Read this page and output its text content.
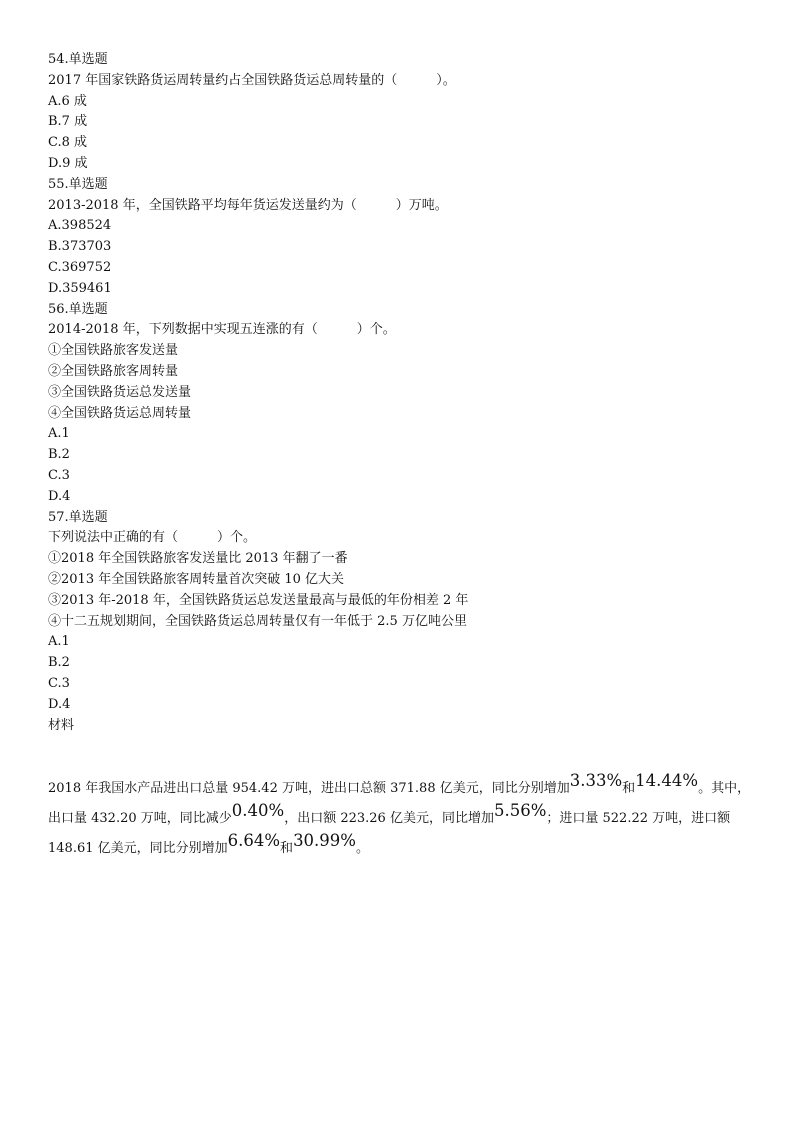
54.单选题
2017 年国家铁路货运周转量约占全国铁路货运总周转量的（　　　）。
A.6 成
B.7 成
C.8 成
D.9 成
55.单选题
2013-2018 年，全国铁路平均每年货运发送量约为（　　　）万吨。
A.398524
B.373703
C.369752
D.359461
56.单选题
2014-2018 年，下列数据中实现五连涨的有（　　　）个。
①全国铁路旅客发送量
②全国铁路旅客周转量
③全国铁路货运总发送量
④全国铁路货运总周转量
A.1
B.2
C.3
D.4
57.单选题
下列说法中正确的有（　　　）个。
①2018 年全国铁路旅客发送量比 2013 年翻了一番
②2013 年全国铁路旅客周转量首次突破 10 亿大关
③2013 年-2018 年，全国铁路货运总发送量最高与最低的年份相差 2 年
④十二五规划期间，全国铁路货运总周转量仅有一年低于 2.5 万亿吨公里
A.1
B.2
C.3
D.4
材料
2018 年我国水产品进出口总量 954.42 万吨，进出口总额 371.88 亿美元，同比分别增加3.33%和14.44%。其中，出口量 432.20 万吨，同比减少0.40%，出口额 223.26 亿美元，同比增加5.56%；进口量 522.22 万吨，进口额 148.61 亿美元，同比分别增加6.64%和30.99%。
